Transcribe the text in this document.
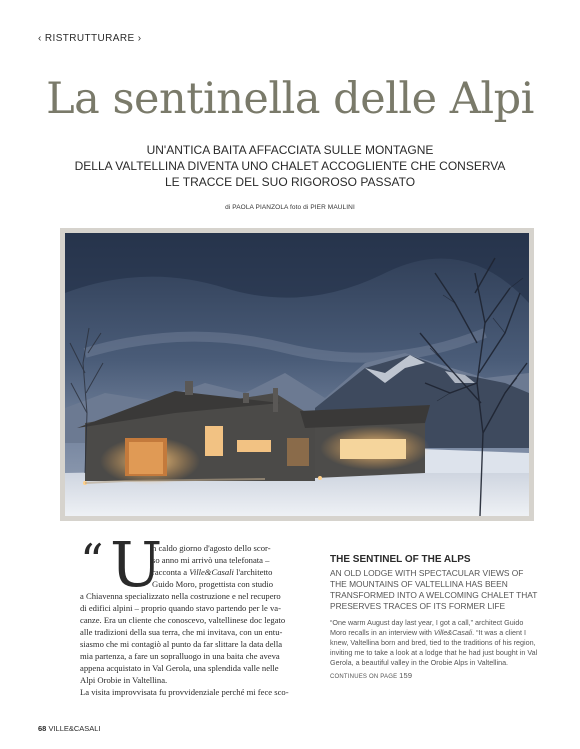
‹ RISTRUTTURARE ›
La sentinella delle Alpi
UN'ANTICA BAITA AFFACCIATA SULLE MONTAGNE
DELLA VALTELLINA DIVENTA UNO CHALET ACCOGLIENTE CHE CONSERVA
LE TRACCE DEL SUO RIGOROSO PASSATO
di PAOLA PIANZOLA foto di PIER MAULINI
“ U
n caldo giorno d'agosto dello scor-
so anno mi arrivò una telefonata –
racconta a Ville&Casali l'architetto
Guido Moro, progettista con studio
a Chiavenna specializzato nella costruzione e nel recupero
di edifici alpini – proprio quando stavo partendo per le va-
canze. Era un cliente che conoscevo, valtellinese doc legato
alle tradizioni della sua terra, che mi invitava, con un entu-
siasmo che mi contagiò al punto da far slittare la data della
mia partenza, a fare un sopralluogo in una baita che aveva
appena acquistato in Val Gerola, una splendida valle nelle
Alpi Orobie in Valtellina.
La visita improvvisata fu provvidenziale perché mi fece sco-
THE SENTINEL OF THE ALPS
AN OLD LODGE WITH SPECTACULAR VIEWS OF THE MOUNTAINS OF VALTELLINA HAS BEEN TRANSFORMED INTO A WELCOMING CHALET THAT PRESERVES TRACES OF ITS FORMER LIFE
“One warm August day last year, I got a call,” architect Guido Moro recalls in an interview with Ville&Casali. “It was a client I knew, Valtellina born and bred, tied to the traditions of his region, inviting me to take a look at a lodge that he had just bought in Val Gerola, a beautiful valley in the Orobie Alps in Valtellina.
CONTINUES ON PAGE 159
68 VILLE&CASALI
